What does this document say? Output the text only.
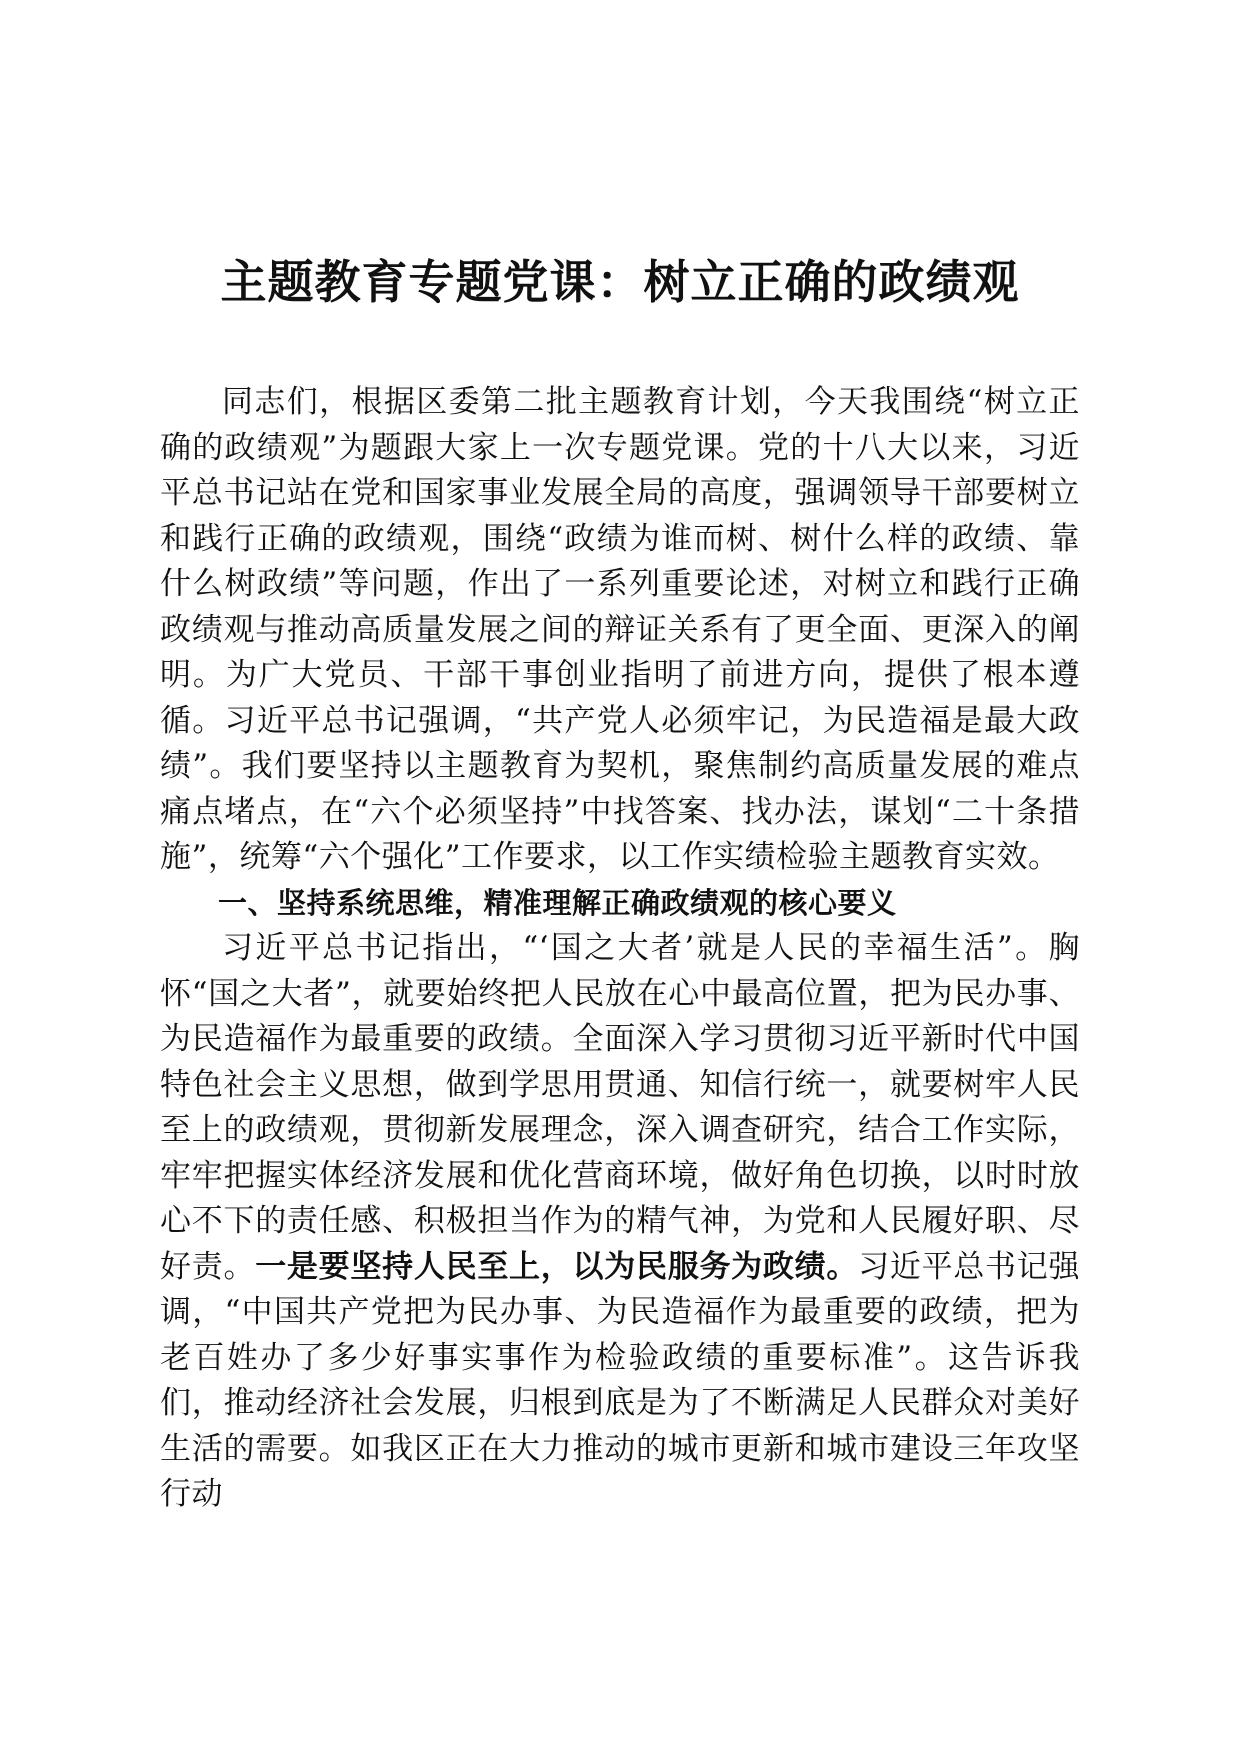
主题教育专题党课：树立正确的政绩观

同志们，根据区委第二批主题教育计划，今天我围绕“树立正确的政绩观”为题跟大家上一次专题党课。党的十八大以来，习近平总书记站在党和国家事业发展全局的高度，强调领导干部要树立和践行正确的政绩观，围绕“政绩为谁而树、树什么样的政绩、靠什么树政绩”等问题，作出了一系列重要论述，对树立和践行正确政绩观与推动高质量发展之间的辩证关系有了更全面、更深入的阐明。为广大党员、干部干事创业指明了前进方向，提供了根本遵循。习近平总书记强调，“共产党人必须牢记，为民造福是最大政绩”。我们要坚持以主题教育为契机，聚焦制约高质量发展的难点痛点堵点，在“六个必须坚持”中找答案、找办法，谋划“二十条措施”，统筹“六个强化”工作要求，以工作实绩检验主题教育实效。

一、坚持系统思维，精准理解正确政绩观的核心要义

习近平总书记指出，“‘国之大者’就是人民的幸福生活”。胸怀“国之大者”，就要始终把人民放在心中最高位置，把为民办事、为民造福作为最重要的政绩。全面深入学习贯彻习近平新时代中国特色社会主义思想，做到学思用贯通、知信行统一，就要树牢人民至上的政绩观，贯彻新发展理念，深入调查研究，结合工作实际，牢牢把握实体经济发展和优化营商环境，做好角色切换，以时时放心不下的责任感、积极担当作为的精气神，为党和人民履好职、尽好责。一是要坚持人民至上，以为民服务为政绩。习近平总书记强调，“中国共产党把为民办事、为民造福作为最重要的政绩，把为老百姓办了多少好事实事作为检验政绩的重要标准”。这告诉我们，推动经济社会发展，归根到底是为了不断满足人民群众对美好生活的需要。如我区正在大力推动的城市更新和城市建设三年攻坚行动
